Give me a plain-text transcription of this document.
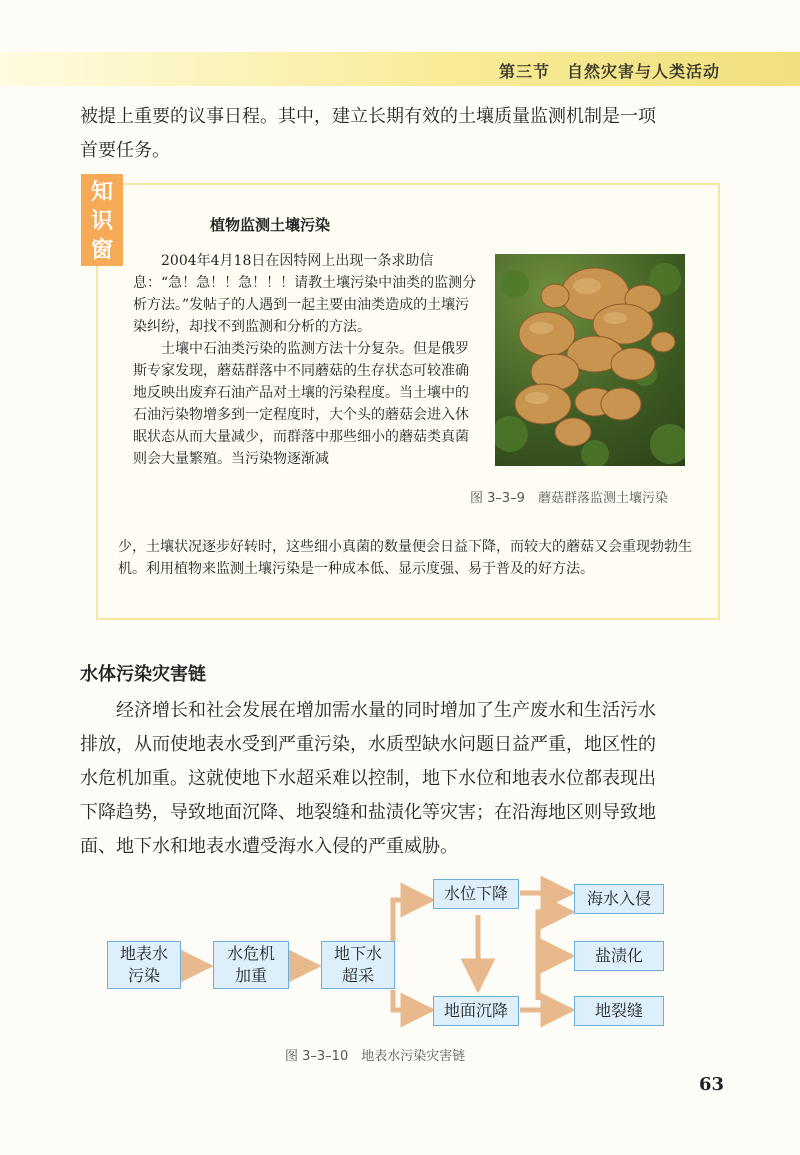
第三节　自然灾害与人类活动

被提上重要的议事日程。其中，建立长期有效的土壤质量监测机制是一项首要任务。

知识窗
植物监测土壤污染

2004年4月18日在因特网上出现一条求助信息：“急！急！！急！！！请教土壤污染中油类的监测分析方法。”发帖子的人遇到一起主要由油类造成的土壤污染纠纷，却找不到监测和分析的方法。

土壤中石油类污染的监测方法十分复杂。但是俄罗斯专家发现，蘑菇群落中不同蘑菇的生存状态可较准确地反映出废弃石油产品对土壤的污染程度。当土壤中的石油污染物增多到一定程度时，大个头的蘑菇会进入休眠状态从而大量减少，而群落中那些细小的蘑菇类真菌则会大量繁殖。当污染物逐渐减

少，土壤状况逐步好转时，这些细小真菌的数量便会日益下降，而较大的蘑菇又会重现勃勃生机。利用植物来监测土壤污染是一种成本低、显示度强、易于普及的好方法。

图 3–3–9　蘑菇群落监测土壤污染
水体污染灾害链

经济增长和社会发展在增加需水量的同时增加了生产废水和生活污水排放，从而使地表水受到严重污染，水质型缺水问题日益严重，地区性的水危机加重。这就使地下水超采难以控制，地下水位和地表水位都表现出下降趋势，导致地面沉降、地裂缝和盐渍化等灾害；在沿海地区则导致地面、地下水和地表水遭受海水入侵的严重威胁。

地表水
污染
水危机
加重
地下水
超采
水位下降
地面沉降
海水入侵
盐渍化
地裂缝
图 3–3–10　地表水污染灾害链
63
